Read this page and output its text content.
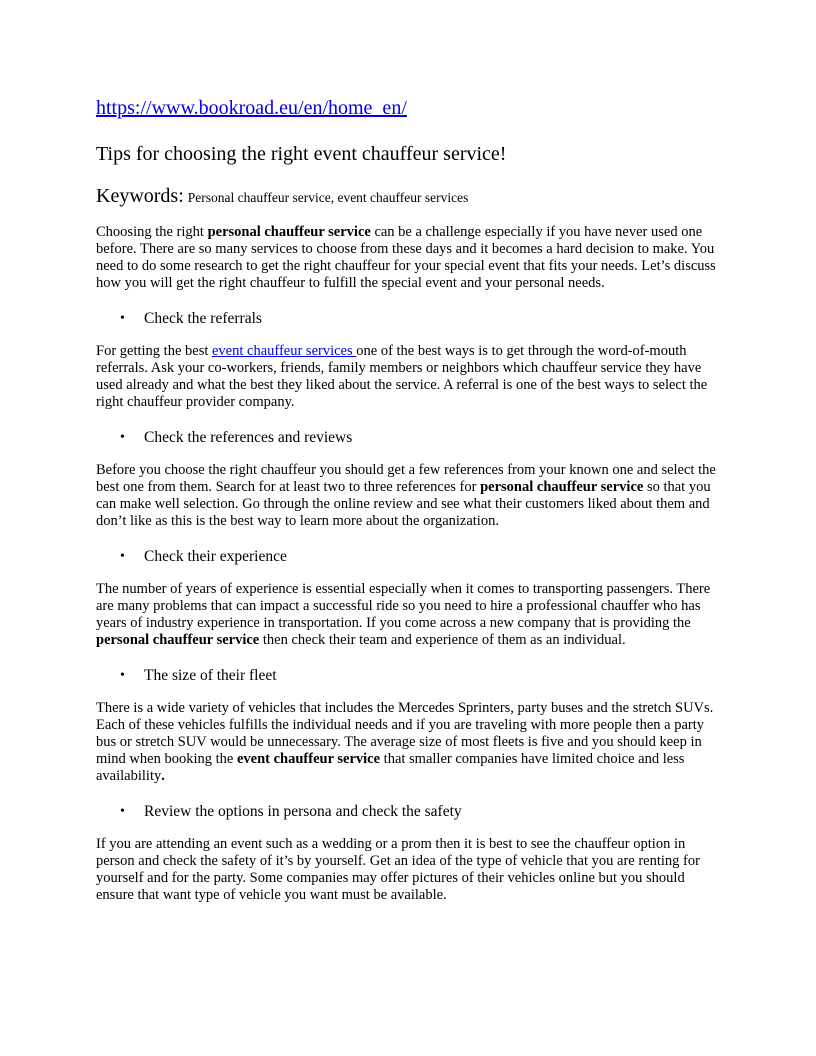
https://www.bookroad.eu/en/home_en/
Tips for choosing the right event chauffeur service!
Keywords: Personal chauffeur service, event chauffeur services

Choosing the right personal chauffeur service can be a challenge especially if you have never used one before. There are so many services to choose from these days and it becomes a hard decision to make. You need to do some research to get the right chauffeur for your special event that fits your needs. Let’s discuss how you will get the right chauffeur to fulfill the special event and your personal needs.

• Check the referrals

For getting the best event chauffeur services one of the best ways is to get through the word-of-mouth referrals. Ask your co-workers, friends, family members or neighbors which chauffeur service they have used already and what the best they liked about the service. A referral is one of the best ways to select the right chauffeur provider company.

• Check the references and reviews

Before you choose the right chauffeur you should get a few references from your known one and select the best one from them. Search for at least two to three references for personal chauffeur service so that you can make well selection. Go through the online review and see what their customers liked about them and don’t like as this is the best way to learn more about the organization.

• Check their experience

The number of years of experience is essential especially when it comes to transporting passengers. There are many problems that can impact a successful ride so you need to hire a professional chauffer who has years of industry experience in transportation. If you come across a new company that is providing the personal chauffeur service then check their team and experience of them as an individual.

• The size of their fleet

There is a wide variety of vehicles that includes the Mercedes Sprinters, party buses and the stretch SUVs. Each of these vehicles fulfills the individual needs and if you are traveling with more people then a party bus or stretch SUV would be unnecessary. The average size of most fleets is five and you should keep in mind when booking the event chauffeur service that smaller companies have limited choice and less availability.

• Review the options in persona and check the safety

If you are attending an event such as a wedding or a prom then it is best to see the chauffeur option in person and check the safety of it’s by yourself. Get an idea of the type of vehicle that you are renting for yourself and for the party. Some companies may offer pictures of their vehicles online but you should ensure that want type of vehicle you want must be available.
